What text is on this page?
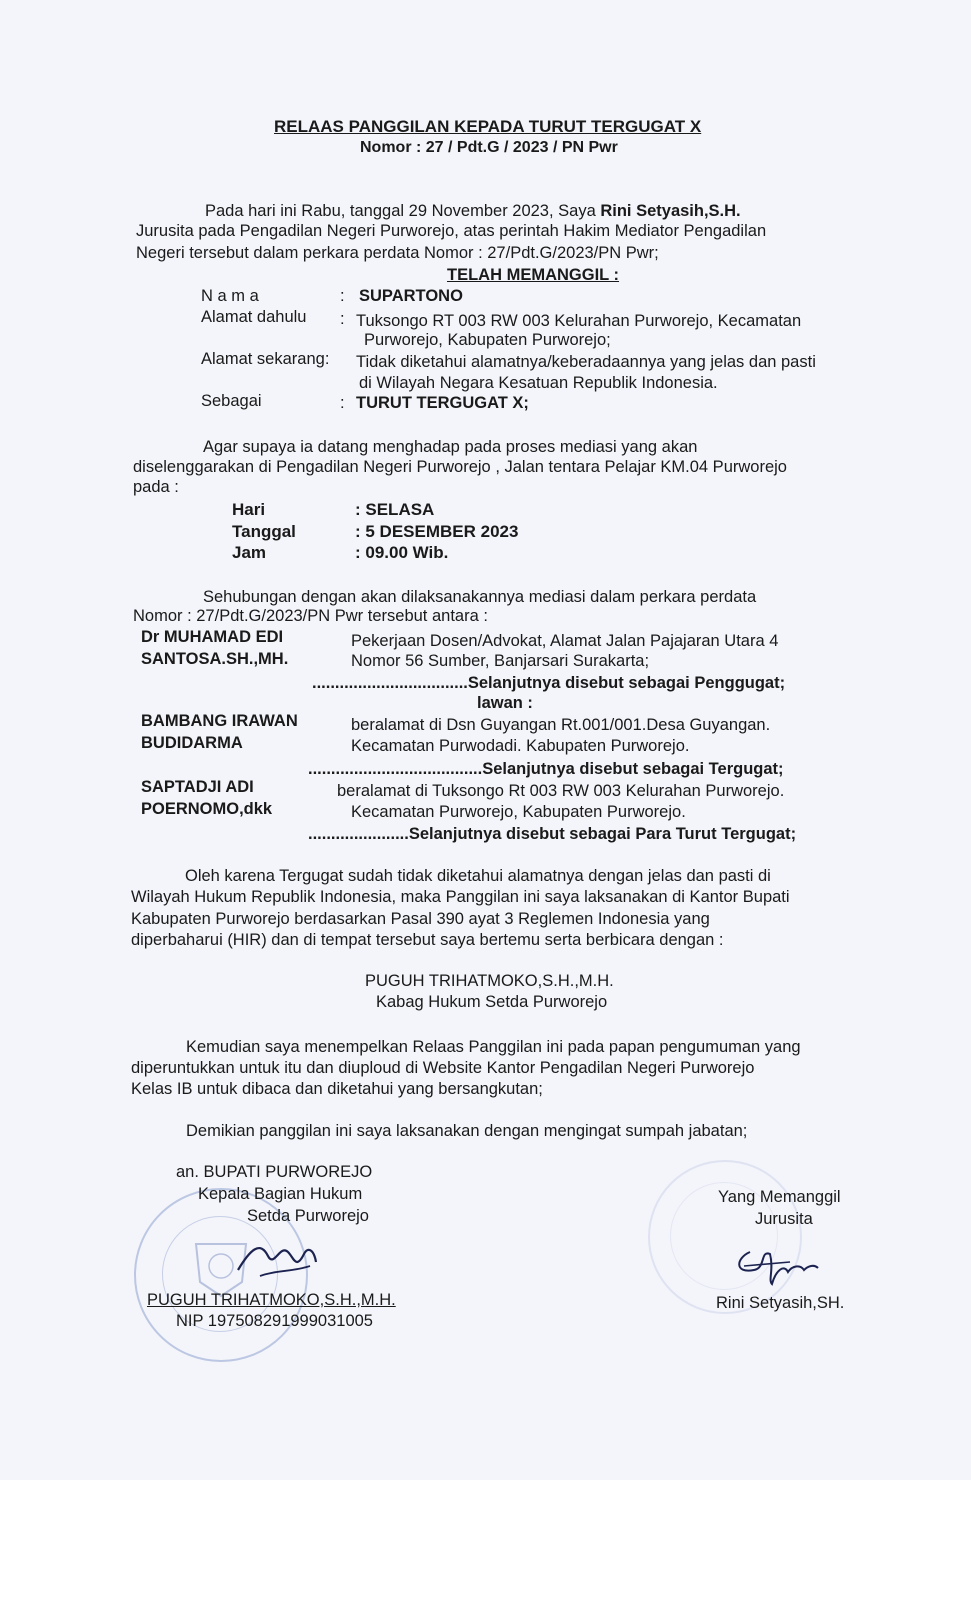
RELAAS PANGGILAN KEPADA TURUT TERGUGAT X
Nomor : 27 / Pdt.G / 2023 / PN Pwr
Pada hari ini Rabu, tanggal 29 November 2023, Saya Rini Setyasih,S.H.
Jurusita pada Pengadilan Negeri Purworejo, atas perintah Hakim Mediator Pengadilan
Negeri tersebut dalam perkara perdata Nomor : 27/Pdt.G/2023/PN Pwr;
TELAH MEMANGGIL :
N a m a	: SUPARTONO
Alamat dahulu : Tuksongo RT 003 RW 003 Kelurahan Purworejo, Kecamatan
Purworejo, Kabupaten Purworejo;
Alamat sekarang: Tidak diketahui alamatnya/keberadaannya yang jelas dan pasti
di Wilayah Negara Kesatuan Republik Indonesia.
Sebagai	: TURUT TERGUGAT X;
Agar supaya ia datang menghadap pada proses mediasi yang akan
diselenggarakan di Pengadilan Negeri Purworejo , Jalan tentara Pelajar KM.04 Purworejo
pada :
Hari	: SELASA
Tanggal	: 5 DESEMBER 2023
Jam	: 09.00 Wib.
Sehubungan dengan akan dilaksanakannya mediasi dalam perkara perdata
Nomor : 27/Pdt.G/2023/PN Pwr tersebut antara :
Dr MUHAMAD EDI
SANTOSA.SH.,MH.
Pekerjaan Dosen/Advokat, Alamat Jalan Pajajaran Utara 4
Nomor 56 Sumber, Banjarsari Surakarta;
..................................Selanjutnya disebut sebagai Penggugat;
lawan :
BAMBANG IRAWAN
BUDIDARMA
beralamat di Dsn Guyangan Rt.001/001.Desa Guyangan.
Kecamatan Purwodadi. Kabupaten Purworejo.
......................................Selanjutnya disebut sebagai Tergugat;
SAPTADJI ADI
POERNOMO,dkk
beralamat di Tuksongo Rt 003 RW 003 Kelurahan Purworejo.
Kecamatan Purworejo, Kabupaten Purworejo.
......................Selanjutnya disebut sebagai Para Turut Tergugat;
Oleh karena Tergugat sudah tidak diketahui alamatnya dengan jelas dan pasti di
Wilayah Hukum Republik Indonesia, maka Panggilan ini saya laksanakan di Kantor Bupati
Kabupaten Purworejo berdasarkan Pasal 390 ayat 3 Reglemen Indonesia yang
diperbaharui (HIR) dan di tempat tersebut saya bertemu serta berbicara dengan :
PUGUH TRIHATMOKO,S.H.,M.H.
Kabag Hukum Setda Purworejo
Kemudian saya menempelkan Relaas Panggilan ini pada papan pengumuman yang
diperuntukkan untuk itu dan diuploud di Website Kantor Pengadilan Negeri Purworejo
Kelas IB untuk dibaca dan diketahui yang bersangkutan;
Demikian panggilan ini saya laksanakan dengan mengingat sumpah jabatan;
an. BUPATI PURWOREJO
Kepala Bagian Hukum
Setda Purworejo
PUGUH TRIHATMOKO,S.H.,M.H.
NIP 197508291999031005
Yang Memanggil
Jurusita
Rini Setyasih,SH.
